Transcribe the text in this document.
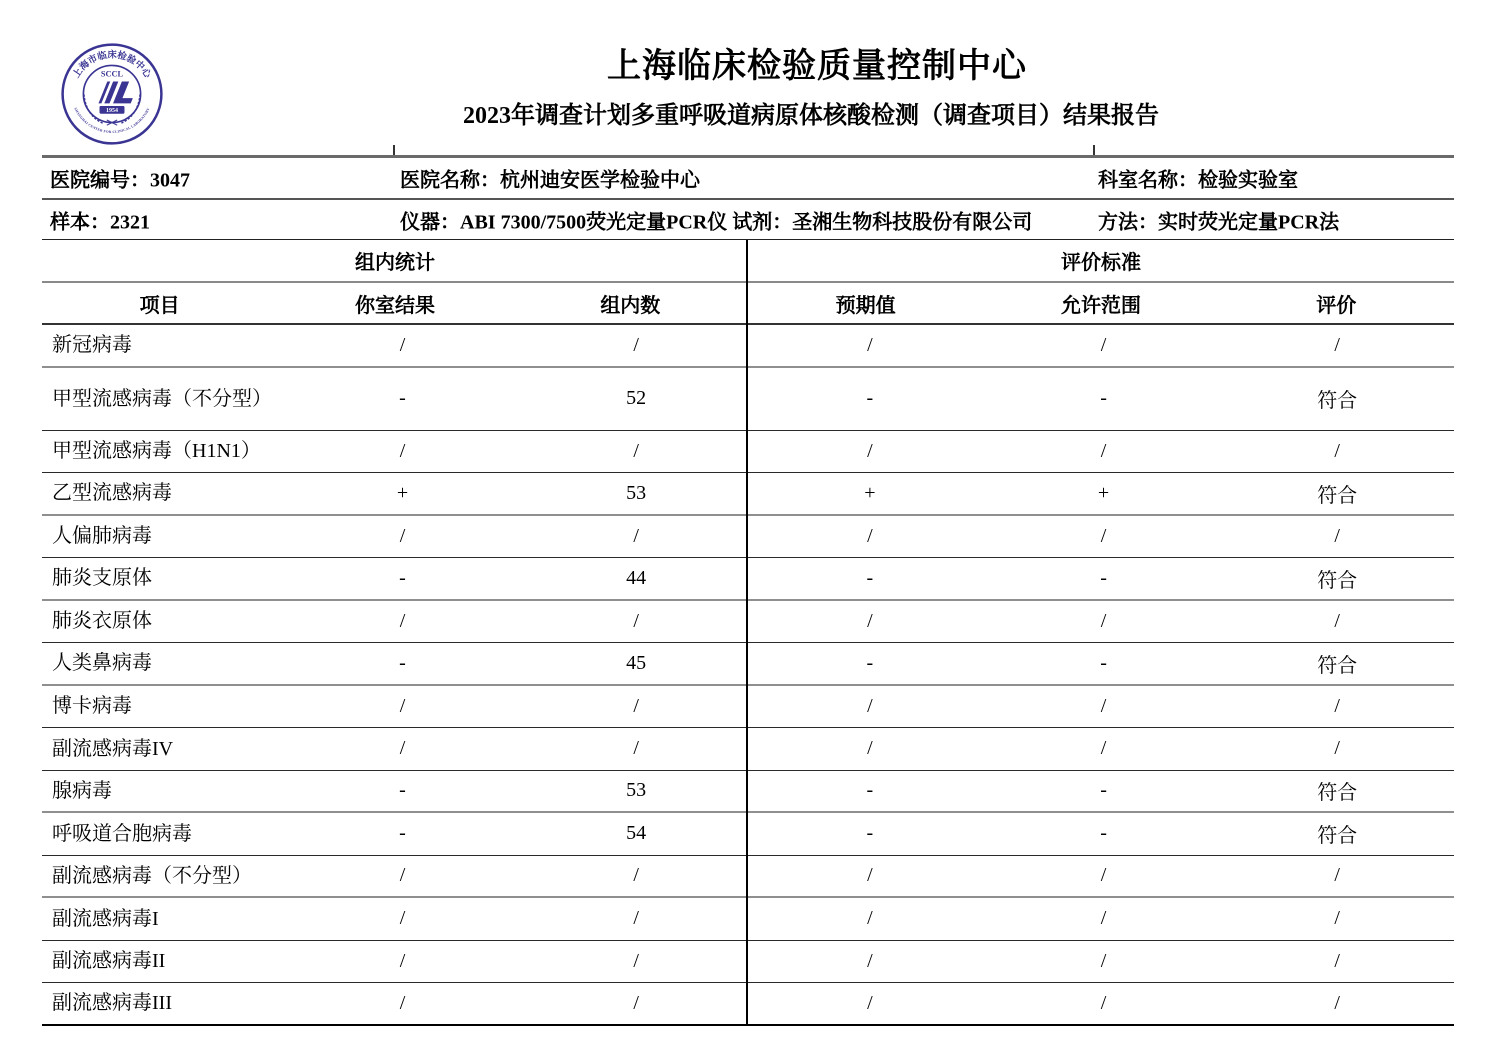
上海市临床检验中心
SHANGHAI CENTER FOR CLINICAL LABORATORY
SCCL
1954
上海临床检验质量控制中心
2023年调查计划多重呼吸道病原体核酸检测（调查项目）结果报告
医院编号：3047	医院名称：杭州迪安医学检验中心	科室名称：检验实验室
样本：2321	仪器：ABI 7300/7500荧光定量PCR仪 试剂：圣湘生物科技股份有限公司	方法：实时荧光定量PCR法
组内统计	评价标准
项目	你室结果	组内数	预期值	允许范围	评价
新冠病毒	/	/	/	/	/
甲型流感病毒（不分型）	-	52	-	-	符合
甲型流感病毒（H1N1）	/	/	/	/	/
乙型流感病毒	+	53	+	+	符合
人偏肺病毒	/	/	/	/	/
肺炎支原体	-	44	-	-	符合
肺炎衣原体	/	/	/	/	/
人类鼻病毒	-	45	-	-	符合
博卡病毒	/	/	/	/	/
副流感病毒IV	/	/	/	/	/
腺病毒	-	53	-	-	符合
呼吸道合胞病毒	-	54	-	-	符合
副流感病毒（不分型）	/	/	/	/	/
副流感病毒I	/	/	/	/	/
副流感病毒II	/	/	/	/	/
副流感病毒III	/	/	/	/	/
